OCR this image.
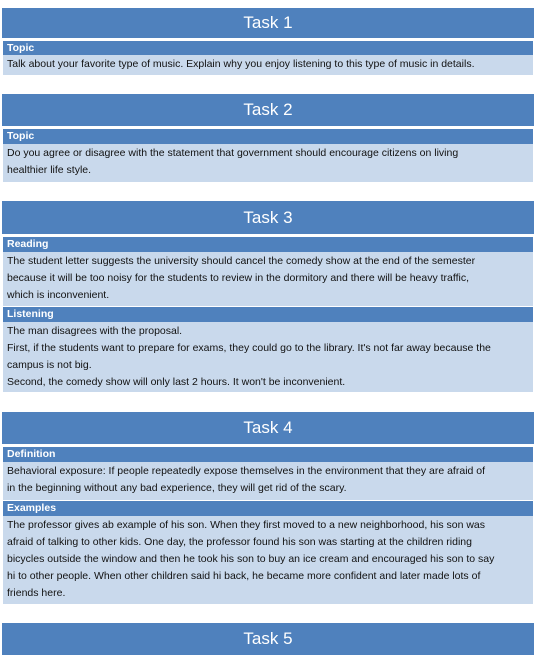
Task 1
Topic
Talk about your favorite type of music. Explain why you enjoy listening to this type of music in details.
Task 2
Topic
Do you agree or disagree with the statement that government should encourage citizens on living
healthier life style.
Task 3
Reading
The student letter suggests the university should cancel the comedy show at the end of the semester
because it will be too noisy for the students to review in the dormitory and there will be heavy traffic,
which is inconvenient.
Listening
The man disagrees with the proposal.
First, if the students want to prepare for exams, they could go to the library. It's not far away because the
campus is not big.
Second, the comedy show will only last 2 hours. It won't be inconvenient.
Task 4
Definition
Behavioral exposure: If people repeatedly expose themselves in the environment that they are afraid of
in the beginning without any bad experience, they will get rid of the scary.
Examples
The professor gives ab example of his son. When they first moved to a new neighborhood, his son was
afraid of talking to other kids. One day, the professor found his son was starting at the children riding
bicycles outside the window and then he took his son to buy an ice cream and encouraged his son to say
hi to other people. When other children said hi back, he became more confident and later made lots of
friends here.
Task 5
